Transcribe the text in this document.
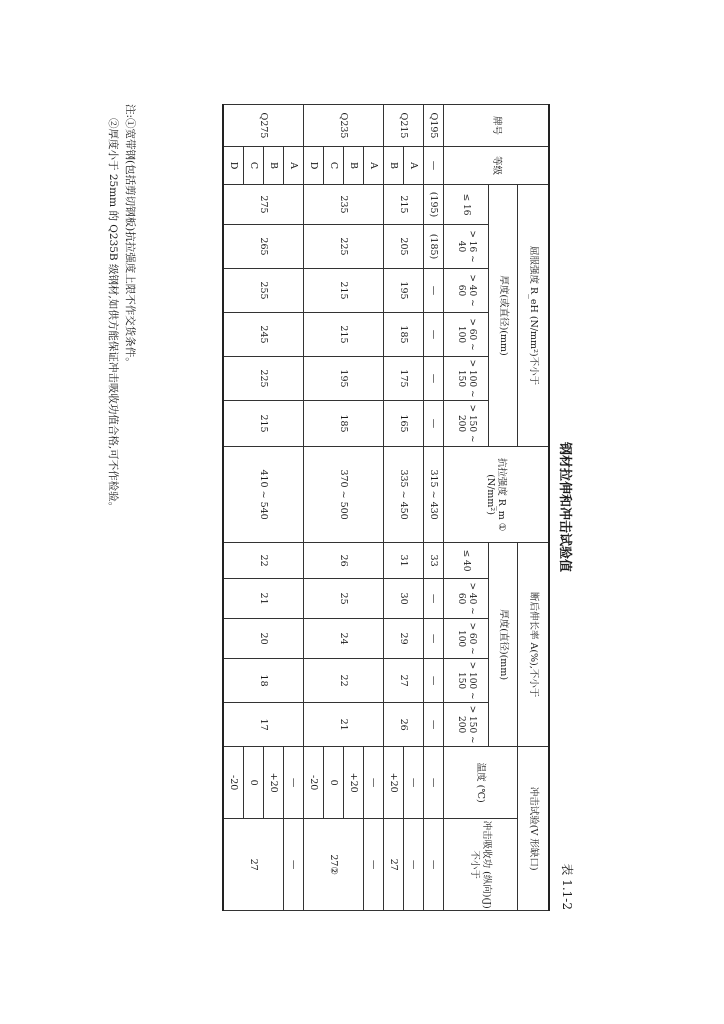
钢材拉伸和冲击试验值
表 1.1-2
牌号	等级	屈服强度 R_eH (N/mm²)不小于						抗拉强度 R_m ① (N/mm²)	断后伸长率 A(%),不小于					冲击试验(V 形缺口)	
		厚度(或直径)(mm)							厚度(直径)(mm)					温度 (℃)	冲击吸收功 (纵向)(J) 不小于
		≤ 16	> 16 ~ 40	> 40 ~ 60	> 60 ~ 100	> 100 ~ 150	> 150 ~ 200		≤ 40	> 40 ~ 60	> 60 ~ 100	> 100 ~ 150	> 150 ~ 200		
Q195	—	(195)	(185)	—	—	—	—	315 ~ 430	33	—	—	—	—	—	—
Q215	A	215	205	195	185	175	165	335 ~ 450	31	30	29	27	26	—	—
	B													+20	27
Q235	A	235	225	215	215	195	185	370 ~ 500	26	25	24	22	21	—	—
	B													+20	27②
	C													0	
	D													-20	
Q275	A	275	265	255	245	225	215	410 ~ 540	22	21	20	18	17	—	—
	B													+20	27
	C													0	
	D													-20	
注:①宽带钢(包括剪切钢板)抗拉强度上限不作交货条件。
②厚度小于 25mm 的 Q235B 级钢材,如供方能保证冲击吸收功值合格,可不作检验。
